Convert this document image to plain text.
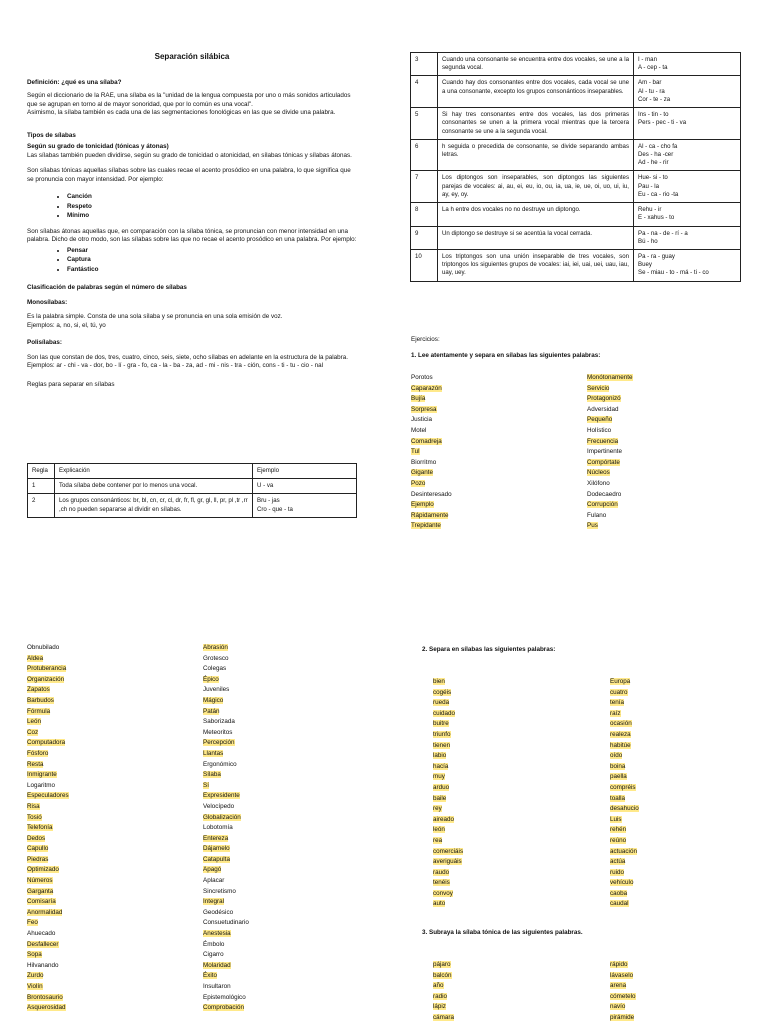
Separación silábica

Definición: ¿qué es una sílaba?

Según el diccionario de la RAE, una sílaba es la "unidad de la lengua compuesta por uno o más sonidos articulados que se agrupan en torno al de mayor sonoridad, que por lo común es una vocal".

Asimismo, la sílaba también es cada una de las segmentaciones fonológicas en las que se divide una palabra.

Tipos de sílabas

Según su grado de tonicidad (tónicas y átonas)

Las sílabas también pueden dividirse, según su grado de tonicidad o atonicidad, en sílabas tónicas y sílabas átonas.

Son sílabas tónicas aquellas sílabas sobre las cuales recae el acento prosódico en una palabra, lo que significa que se pronuncia con mayor intensidad. Por ejemplo:

• Canción
• Respeto
• Mínimo

Son sílabas átonas aquellas que, en comparación con la sílaba tónica, se pronuncian con menor intensidad en una palabra. Dicho de otro modo, son las sílabas sobre las que no recae el acento prosódico en una palabra. Por ejemplo:

• Pensar
• Captura
• Fantástico

Clasificación de palabras según el número de sílabas

Monosílabas:

Es la palabra simple. Consta de una sola sílaba y se pronuncia en una sola emisión de voz.

Ejemplos: a, no, si, el, tú, yo

Polisílabas:

Son las que constan de dos, tres, cuatro, cinco, seis, siete, ocho sílabas en adelante en la estructura de la palabra.

Ejemplos: ar - chi - va - dor, bo - lí - gra - fo, ca - la - ba - za, ad - mi - nis - tra - ción, cons - ti - tu - cio - nal

Reglas para separar en sílabas

Regla	Explicación	Ejemplo
1	Toda sílaba debe contener por lo menos una vocal.	U - va
2	Los grupos consonánticos: br, bl, cn, cr, cl, dr, fr, fl, gr, gl, ll, pr, pl ,tr ,rr ,ch no pueden separarse al dividir en sílabas.	Bru - jas
Cro - que - ta
3	Cuando una consonante se encuentra entre dos vocales, se une a la segunda vocal.	I - man
A - cep - ta
4	Cuando hay dos consonantes entre dos vocales, cada vocal se une a una consonante, excepto los grupos consonánticos inseparables.	Am - bar
Al - tu - ra
Cor - te - za
5	Si hay tres consonantes entre dos vocales, las dos primeras consonantes se unen a la primera vocal mientras que la tercera consonante se une a la segunda vocal.	Ins - tin - to
Pers - pec - ti - va
6	h seguida o precedida de consonante, se divide separando ambas letras.	Al - ca - cho fa
Des - ha -cer
Ad - he - rir
7	Los diptongos son inseparables, son diptongos las siguientes parejas de vocales: ai, au, ei, eu, io, ou, ia, ua, ie, ue, oi, uo, ui, iu, ay, ey, oy.	Hue- si - to
Pau - la
Eu - ca - rio -ta
8	La h entre dos vocales no no destruye un diptongo.	Rehu - ir
E - xahus - to
9	Un diptongo se destruye si se acentúa la vocal cerrada.	Pa - na - de - rí - a
Bú - ho
10	Los triptongos son una unión inseparable de tres vocales, son triptongos los siguientes grupos de vocales: iai, iei, uai, uei, uau, iau, uay, uey.	Pa - ra - guay
Buey
Se - miau - to - má - ti - co
Ejercicios:
1. Lee atentamente y separa en sílabas las siguientes palabras:
Porotos
Caparazón
Bujía
Sorpresa
Justicia
Motel
Comadreja
Tul
Biorritmo
Gigante
Pozo
Desinteresado
Ejemplo
Rápidamente
Trepidante
Monótonamente
Servicio
Protagonizó
Adversidad
Pequeño
Holístico
Frecuencia
Impertinente
Compórtate
Núcleos
Xilófono
Dodecaedro
Corrupción
Fulano
Pus
Obnubilado
Aldea
Protuberancia
Organización
Zapatos
Barbudos
Fórmula
León
Coz
Computadora
Fósforo
Resta
Inmigrante
Logaritmo
Especuladores
Risa
Tosió
Telefonía
Dedos
Capullo
Piedras
Optimizado
Números
Garganta
Comisaría
Anormalidad
Feo
Ahuecado
Desfallecer
Sopa
Hilvanando
Zurdo
Violín
Brontosaurio
Asquerosidad
Abrasión
Grotesco
Colegas
Épico
Juveniles
Mágico
Patán
Saborizada
Meteoritos
Percepción
Llantas
Ergonómico
Sílaba
Sí
Expresidente
Velocípedo
Globalización
Lobotomía
Entereza
Dájamelo
Catapulta
Apagó
Aplacar
Sincretismo
Integral
Geodésico
Consuetudinario
Anestesia
Émbolo
Cigarro
Molaridad
Éxito
Insultaron
Epistemológico
Comprobación
2. Separa en sílabas las siguientes palabras:
bien
cogéis
rueda
cuidado
buitre
triunfo
tienen
labio
hacía
muy
arduo
baile
rey
aireado
león
rea
comerciáis
averiguáis
raudo
tenéis
convoy
auto
Europa
cuatro
tenía
raíz
ocasión
realeza
habitúe
oído
boina
paella
compréis
toalla
desahucio
Luis
rehén
reúno
actuación
actúa
ruido
vehículo
caoba
caudal
3. Subraya la sílaba tónica de las siguientes palabras.
pájaro
balcón
año
radio
lápiz
cámara
rápido
lávaselo
arena
cómetelo
navío
pirámide
